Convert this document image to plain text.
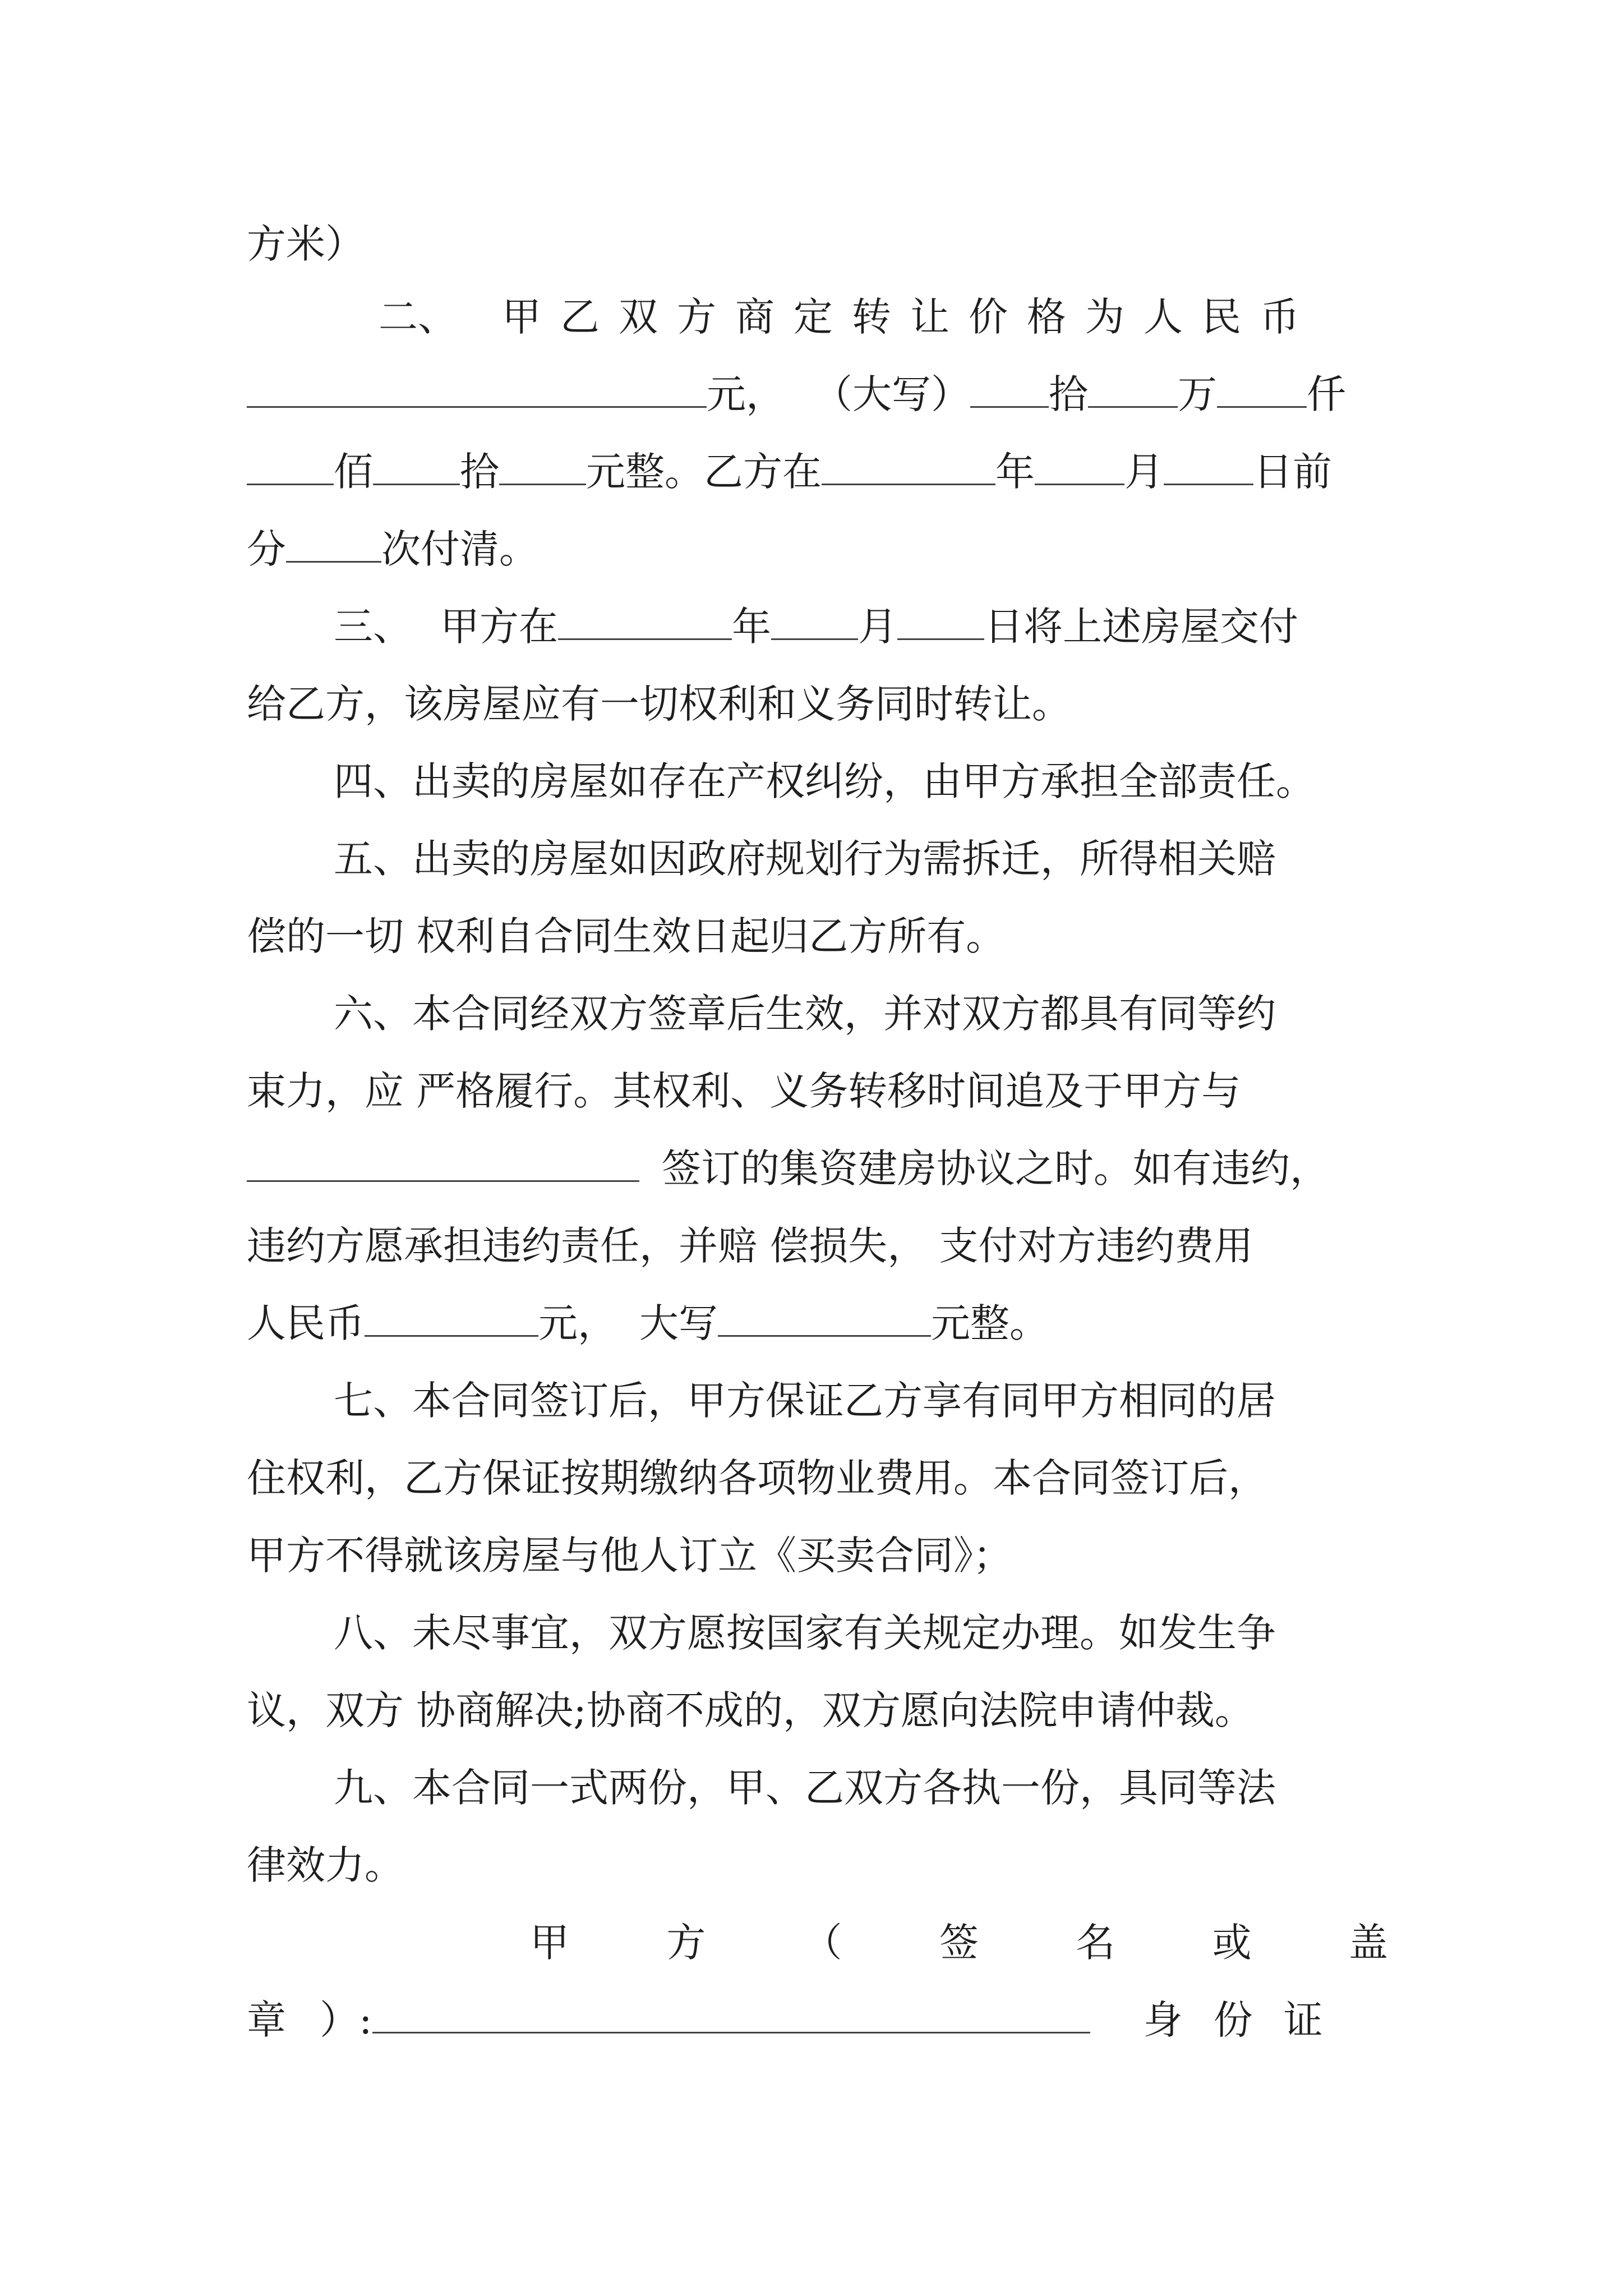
方米）
二、 甲乙双方商定转让价格为人民币
元， （大写） 拾 万 仟
佰 拾 元整。乙方在	年 月 日前
分 次付清。
三、 甲方在	年 月 日将上述房屋交付
给乙方，该房屋应有一切权利和义务同时转让。
四、出卖的房屋如存在产权纠纷，由甲方承担全部责任。
五、出卖的房屋如因政府规划行为需拆迁，所得相关赔
偿的一切 权利自合同生效日起归乙方所有。
六、本合同经双方签章后生效，并对双方都具有同等约
束力，应 严格履行。其权利、义务转移时间追及于甲方与
签订的集资建房协议之时。如有违约，
违约方愿承担违约责任，并赔 偿损失， 支付对方违约费用
人民币	元， 大写	元整。
七、本合同签订后，甲方保证乙方享有同甲方相同的居
住权利，乙方保证按期缴纳各项物业费用。本合同签订后，
甲方不得就该房屋与他人订立《买卖合同》；
八、未尽事宜，双方愿按国家有关规定办理。如发生争
议，双方 协商解决;协商不成的，双方愿向法院申请仲裁。
九、本合同一式两份，甲、乙双方各执一份，具同等法
律效力。
甲 方 （ 签 名 或 盖
章 ）:	身 份 证
